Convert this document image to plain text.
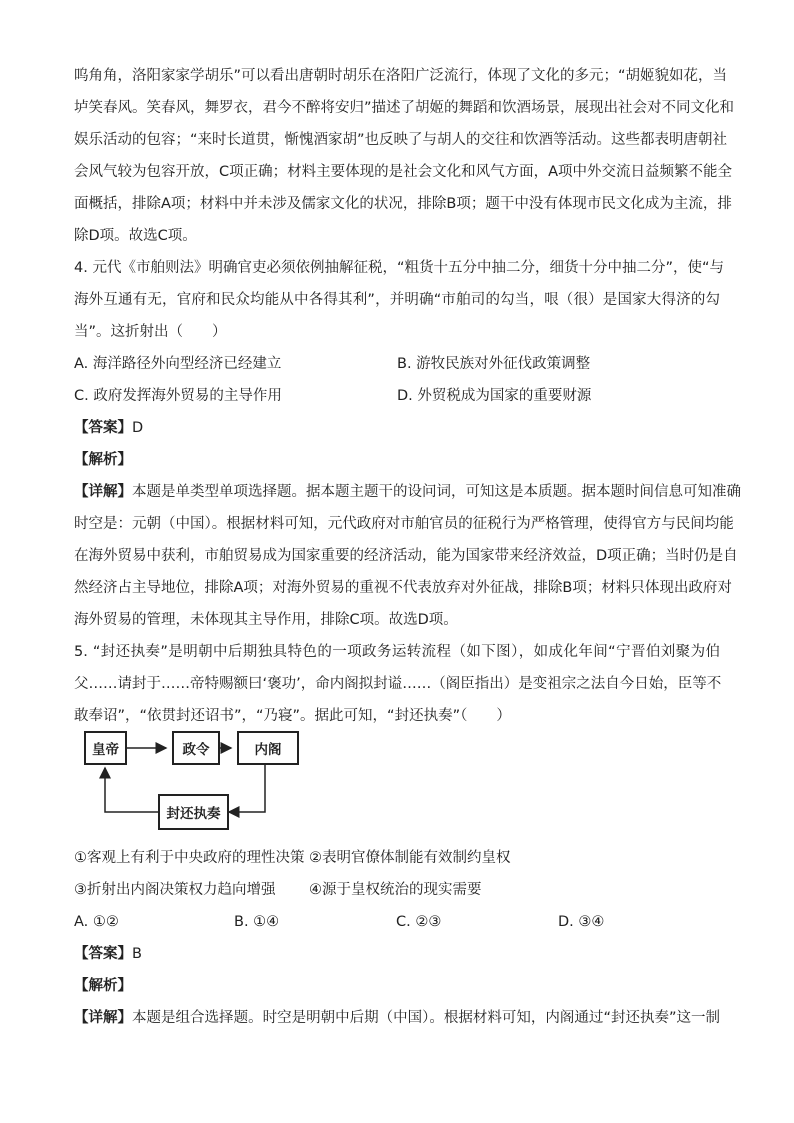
呜角角，洛阳家家学胡乐”可以看出唐朝时胡乐在洛阳广泛流行，体现了文化的多元；“胡姬貌如花，当
垆笑春风。笑春风，舞罗衣，君今不醉将安归”描述了胡姬的舞蹈和饮酒场景，展现出社会对不同文化和
娱乐活动的包容；“来时长道贯，惭愧酒家胡”也反映了与胡人的交往和饮酒等活动。这些都表明唐朝社
会风气较为包容开放，C项正确；材料主要体现的是社会文化和风气方面，A项中外交流日益频繁不能全
面概括，排除A项；材料中并未涉及儒家文化的状况，排除B项；题干中没有体现市民文化成为主流，排
除D项。故选C项。
4. 元代《市舶则法》明确官吏必须依例抽解征税，“粗货十五分中抽二分，细货十分中抽二分”，使“与
海外互通有无，官府和民众均能从中各得其利”，并明确“市舶司的勾当，哏（很）是国家大得济的勾
当”。这折射出（　　）
A. 海洋路径外向型经济已经建立	B. 游牧民族对外征伐政策调整
C. 政府发挥海外贸易的主导作用	D. 外贸税成为国家的重要财源
【答案】D
【解析】
【详解】本题是单类型单项选择题。据本题主题干的设问词，可知这是本质题。据本题时间信息可知准确
时空是：元朝（中国）。根据材料可知，元代政府对市舶官员的征税行为严格管理，使得官方与民间均能
在海外贸易中获利，市舶贸易成为国家重要的经济活动，能为国家带来经济效益，D项正确；当时仍是自
然经济占主导地位，排除A项；对海外贸易的重视不代表放弃对外征战，排除B项；材料只体现出政府对
海外贸易的管理，未体现其主导作用，排除C项。故选D项。
5. “封还执奏”是明朝中后期独具特色的一项政务运转流程（如下图），如成化年间“宁晋伯刘聚为伯
父……请封于……帝特赐额曰‘褒功’，命内阁拟封谥……（阁臣指出）是变祖宗之法自今日始，臣等不
敢奉诏”，“依贯封还诏书”，“乃寝”。据此可知，“封还执奏”（　　）
皇帝	政令	内阁
封还执奏
①客观上有利于中央政府的理性决策 ②表明官僚体制能有效制约皇权
③折射出内阁决策权力趋向增强 ④源于皇权统治的现实需要
A. ①②	B. ①④	C. ②③	D. ③④
【答案】B
【解析】
【详解】本题是组合选择题。时空是明朝中后期（中国）。根据材料可知，内阁通过“封还执奏”这一制
